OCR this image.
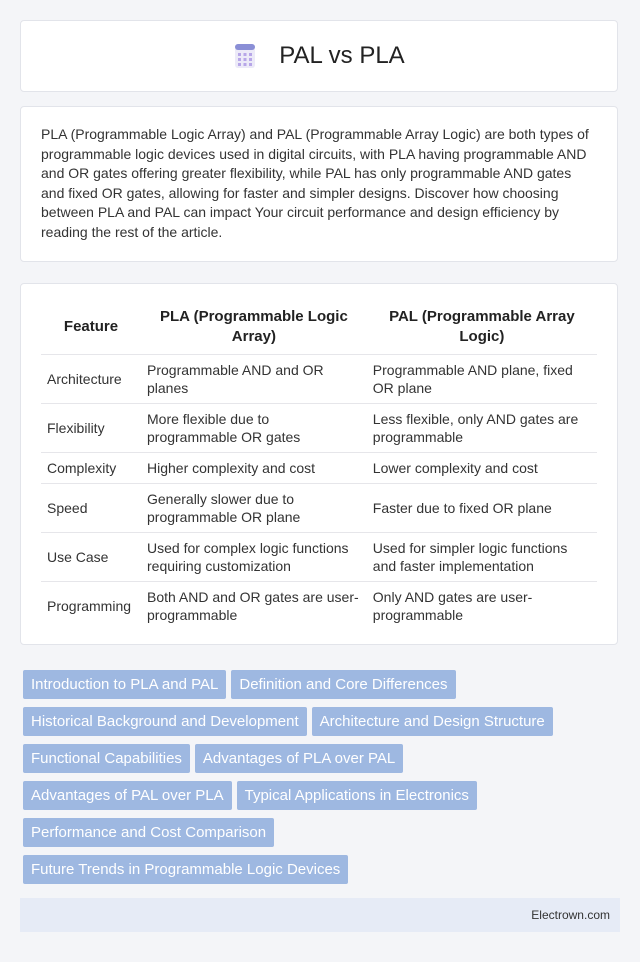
PAL vs PLA

PLA (Programmable Logic Array) and PAL (Programmable Array Logic) are both types of programmable logic devices used in digital circuits, with PLA having programmable AND and OR gates offering greater flexibility, while PAL has only programmable AND gates and fixed OR gates, allowing for faster and simpler designs. Discover how choosing between PLA and PAL can impact Your circuit performance and design efficiency by reading the rest of the article.

Feature	PLA (Programmable Logic Array)	PAL (Programmable Array Logic)
Architecture	Programmable AND and OR planes	Programmable AND plane, fixed OR plane
Flexibility	More flexible due to programmable OR gates	Less flexible, only AND gates are programmable
Complexity	Higher complexity and cost	Lower complexity and cost
Speed	Generally slower due to programmable OR plane	Faster due to fixed OR plane
Use Case	Used for complex logic functions requiring customization	Used for simpler logic functions and faster implementation
Programming	Both AND and OR gates are user-programmable	Only AND gates are user-programmable
Introduction to PLA and PAL Definition and Core Differences
Historical Background and Development Architecture and Design Structure
Functional Capabilities Advantages of PLA over PAL
Advantages of PAL over PLA Typical Applications in Electronics
Performance and Cost Comparison
Future Trends in Programmable Logic Devices
Electrown.com
